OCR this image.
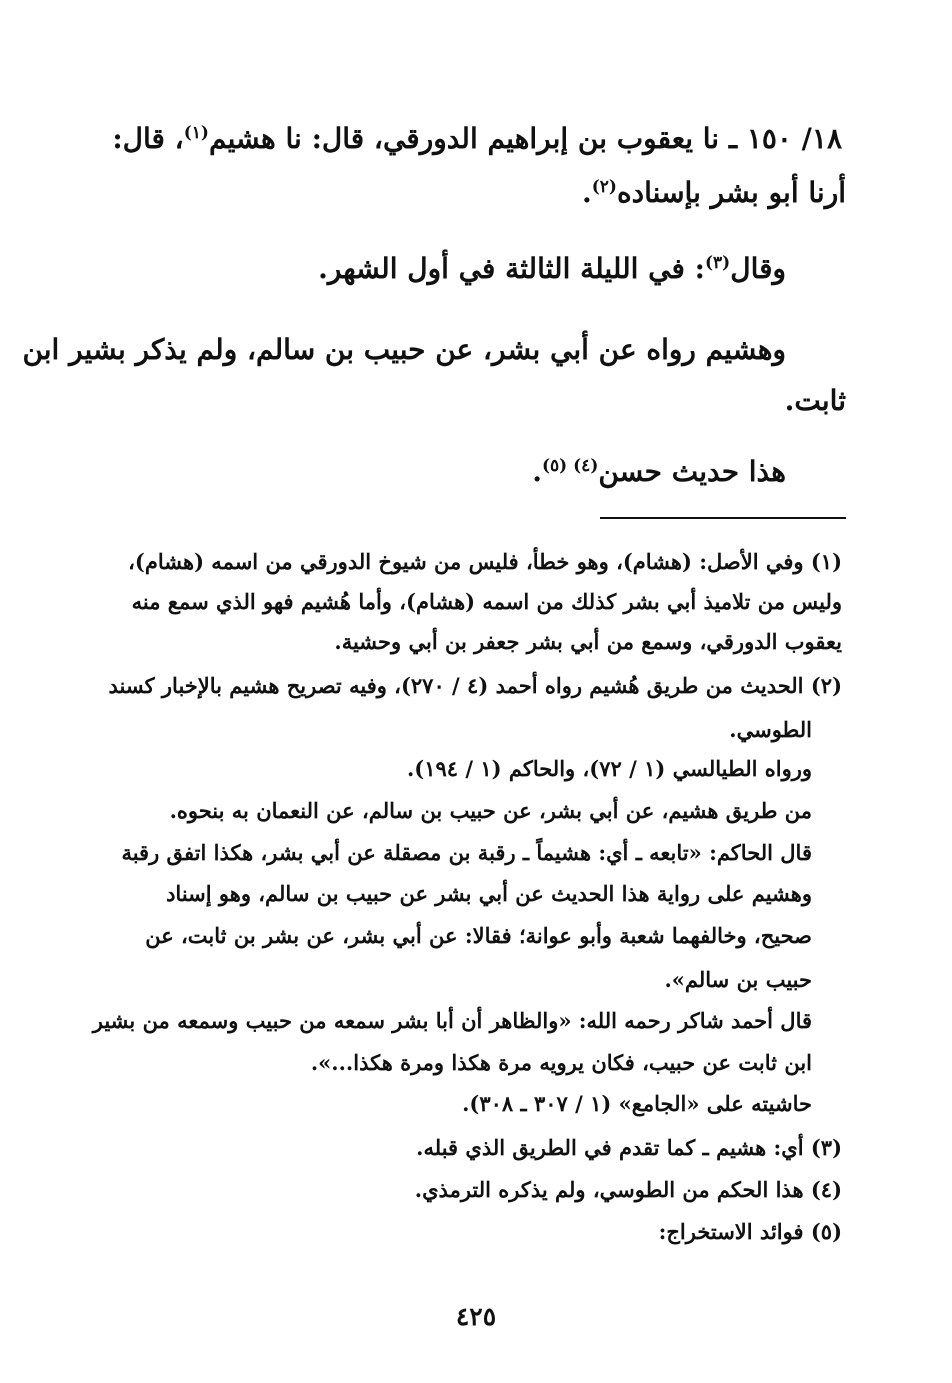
١٨/ ١٥٠ ـ نا يعقوب بن إبراهيم الدورقي، قال: نا هشيم$^{(١)}$، قال:
أرنا أبو بشر بإسناده$^{(٢)}$.
وقال$^{(٣)}$: في الليلة الثالثة في أول الشهر.
وهشيم رواه عن أبي بشر، عن حبيب بن سالم، ولم يذكر بشير ابن
ثابت.
هذا حديث حسن$^{(٤) (٥)}$.
(١) وفي الأصل: (هشام)، وهو خطأ، فليس من شيوخ الدورقي من اسمه (هشام)،
وليس من تلاميذ أبي بشر كذلك من اسمه (هشام)، وأما هُشيم فهو الذي سمع منه
يعقوب الدورقي، وسمع من أبي بشر جعفر بن أبي وحشية.
(٢) الحديث من طريق هُشيم رواه أحمد (٤ / ٢٧٠)، وفيه تصريح هشيم بالإخبار كسند
الطوسي.
ورواه الطيالسي (١ / ٧٢)، والحاكم (١ / ١٩٤).
من طريق هشيم، عن أبي بشر، عن حبيب بن سالم، عن النعمان به بنحوه.
قال الحاكم: «تابعه ـ أي: هشيماً ـ رقبة بن مصقلة عن أبي بشر، هكذا اتفق رقبة
وهشيم على رواية هذا الحديث عن أبي بشر عن حبيب بن سالم، وهو إسناد
صحيح، وخالفهما شعبة وأبو عوانة؛ فقالا: عن أبي بشر، عن بشر بن ثابت، عن
حبيب بن سالم».
قال أحمد شاكر رحمه الله: «والظاهر أن أبا بشر سمعه من حبيب وسمعه من بشير
ابن ثابت عن حبيب، فكان يرويه مرة هكذا ومرة هكذا...».
حاشيته على «الجامع» (١ / ٣٠٧ ـ ٣٠٨).
(٣) أي: هشيم ـ كما تقدم في الطريق الذي قبله.
(٤) هذا الحكم من الطوسي، ولم يذكره الترمذي.
(٥) فوائد الاستخراج:
٤٢٥
